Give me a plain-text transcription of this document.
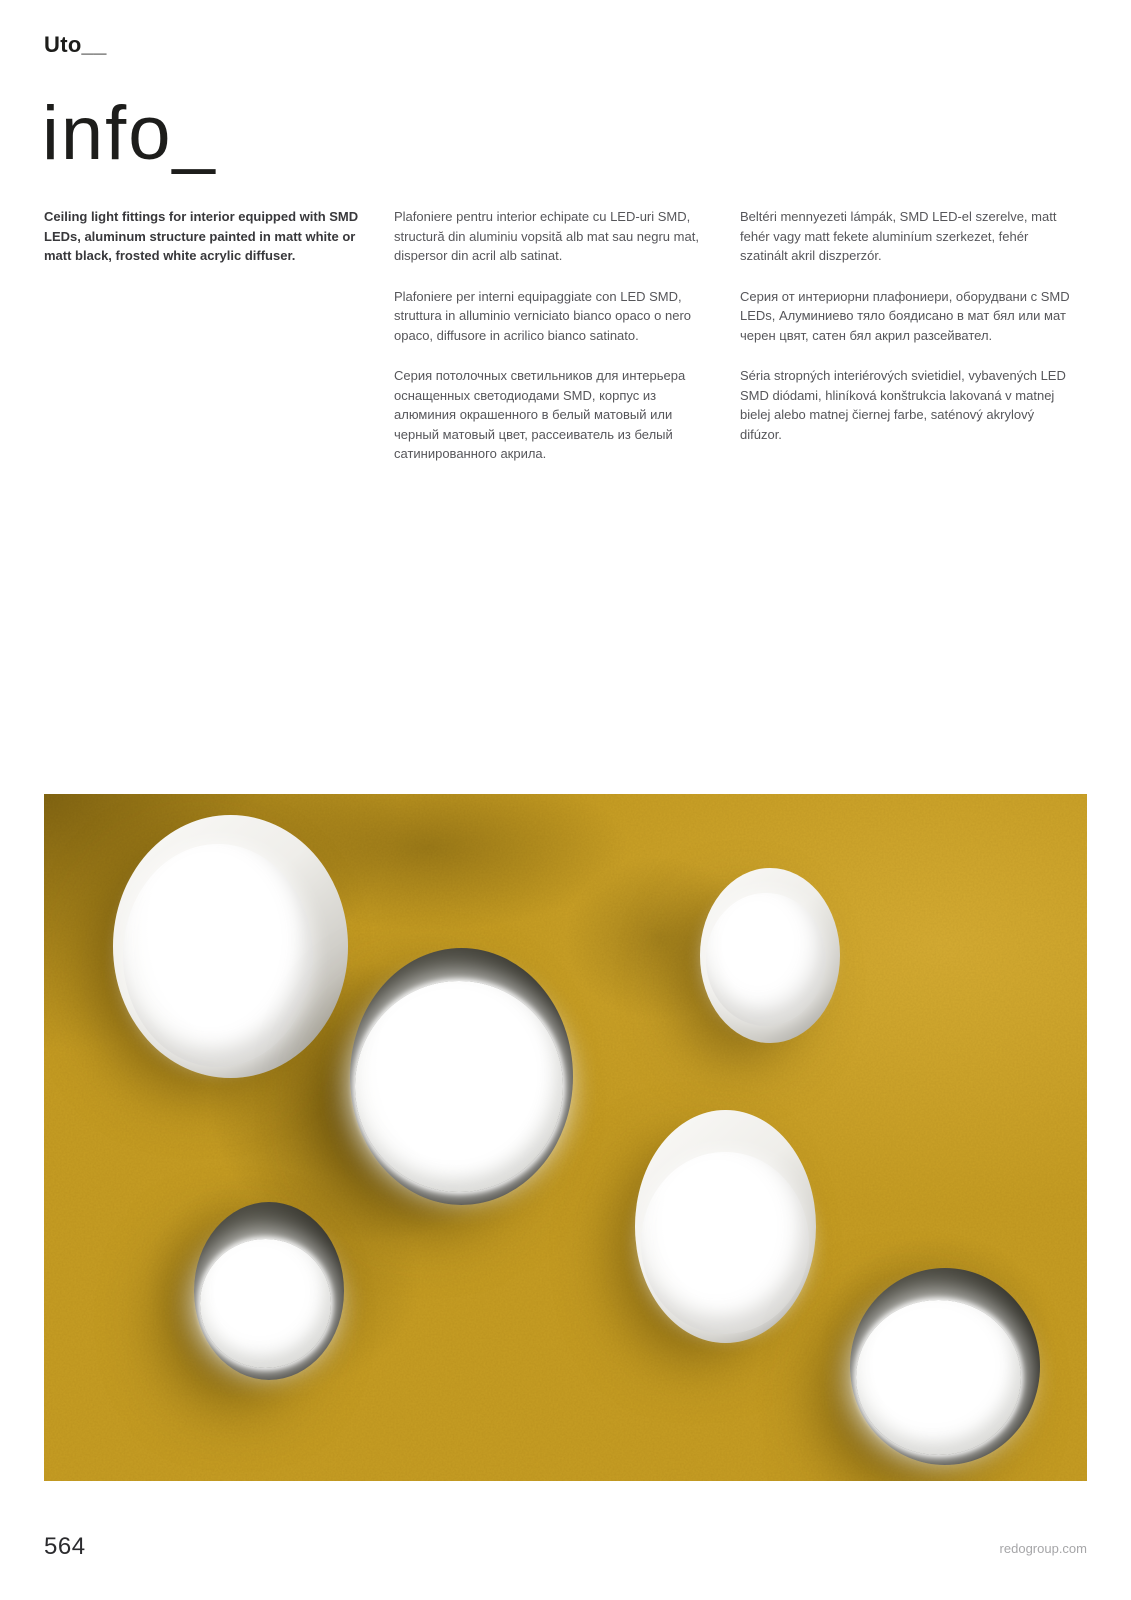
Uto__
info_

Ceiling light fittings for interior equipped with SMD LEDs, aluminum structure painted in matt white or matt black, frosted white acrylic diffuser.

Plafoniere pentru interior echipate cu LED-uri SMD, structură din aluminiu vopsită alb mat sau negru mat, dispersor din acril alb satinat.

Plafoniere per interni equipaggiate con LED SMD, struttura in alluminio verniciato bianco opaco o nero opaco, diffusore in acrilico bianco satinato.

Серия потолочных светильников для интерьера оснащенных светодиодами SMD, корпус из алюминия окрашенного в белый матовый или черный матовый цвет, рассеиватель из белый сатинированного акрила.

Beltéri mennyezeti lámpák, SMD LED-el szerelve, matt fehér vagy matt fekete aluminíum szerkezet, fehér szatinált akril diszperzór.

Серия от интериорни плафониери, оборудвани с SMD LEDs, Алуминиево тяло боядисано в мат бял или мат черен цвят, сатен бял акрил разсейвател.

Séria stropných interiérových svietidiel, vybavených LED SMD diódami, hliníková konštrukcia lakovaná v matnej bielej alebo matnej čiernej farbe, saténový akrylový difúzor.

564	redogroup.com
